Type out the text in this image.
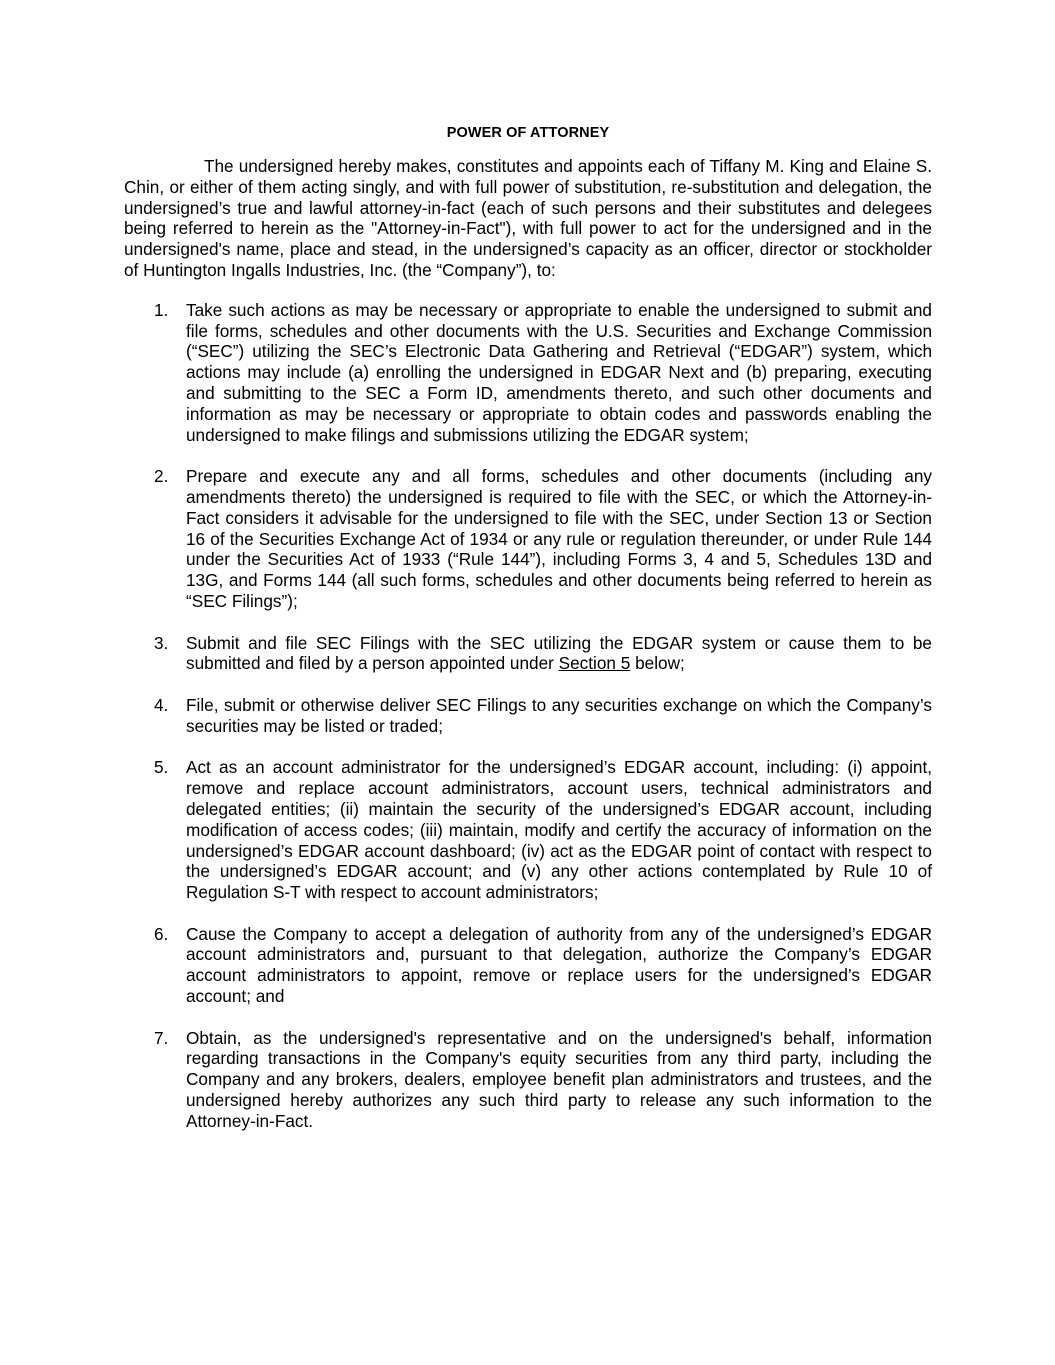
POWER OF ATTORNEY

The undersigned hereby makes, constitutes and appoints each of Tiffany M. King and Elaine S. Chin, or either of them acting singly, and with full power of substitution, re-substitution and delegation, the undersigned’s true and lawful attorney-in-fact (each of such persons and their substitutes and delegees being referred to herein as the "Attorney-in-Fact"), with full power to act for the undersigned and in the undersigned's name, place and stead, in the undersigned’s capacity as an officer, director or stockholder of Huntington Ingalls Industries, Inc. (the “Company”), to:

1. Take such actions as may be necessary or appropriate to enable the undersigned to submit and file forms, schedules and other documents with the U.S. Securities and Exchange Commission (“SEC”) utilizing the SEC’s Electronic Data Gathering and Retrieval (“EDGAR”) system, which actions may include (a) enrolling the undersigned in EDGAR Next and (b) preparing, executing and submitting to the SEC a Form ID, amendments thereto, and such other documents and information as may be necessary or appropriate to obtain codes and passwords enabling the undersigned to make filings and submissions utilizing the EDGAR system;
2. Prepare and execute any and all forms, schedules and other documents (including any amendments thereto) the undersigned is required to file with the SEC, or which the Attorney-in-Fact considers it advisable for the undersigned to file with the SEC, under Section 13 or Section 16 of the Securities Exchange Act of 1934 or any rule or regulation thereunder, or under Rule 144 under the Securities Act of 1933 (“Rule 144”), including Forms 3, 4 and 5, Schedules 13D and 13G, and Forms 144 (all such forms, schedules and other documents being referred to herein as “SEC Filings”);
3. Submit and file SEC Filings with the SEC utilizing the EDGAR system or cause them to be submitted and filed by a person appointed under Section 5 below;
4. File, submit or otherwise deliver SEC Filings to any securities exchange on which the Company’s securities may be listed or traded;
5. Act as an account administrator for the undersigned’s EDGAR account, including: (i) appoint, remove and replace account administrators, account users, technical administrators and delegated entities; (ii) maintain the security of the undersigned’s EDGAR account, including modification of access codes; (iii) maintain, modify and certify the accuracy of information on the undersigned’s EDGAR account dashboard; (iv) act as the EDGAR point of contact with respect to the undersigned’s EDGAR account; and (v) any other actions contemplated by Rule 10 of Regulation S-T with respect to account administrators;
6. Cause the Company to accept a delegation of authority from any of the undersigned’s EDGAR account administrators and, pursuant to that delegation, authorize the Company’s EDGAR account administrators to appoint, remove or replace users for the undersigned’s EDGAR account; and
7. Obtain, as the undersigned's representative and on the undersigned's behalf, information regarding transactions in the Company's equity securities from any third party, including the Company and any brokers, dealers, employee benefit plan administrators and trustees, and the undersigned hereby authorizes any such third party to release any such information to the Attorney-in-Fact.
